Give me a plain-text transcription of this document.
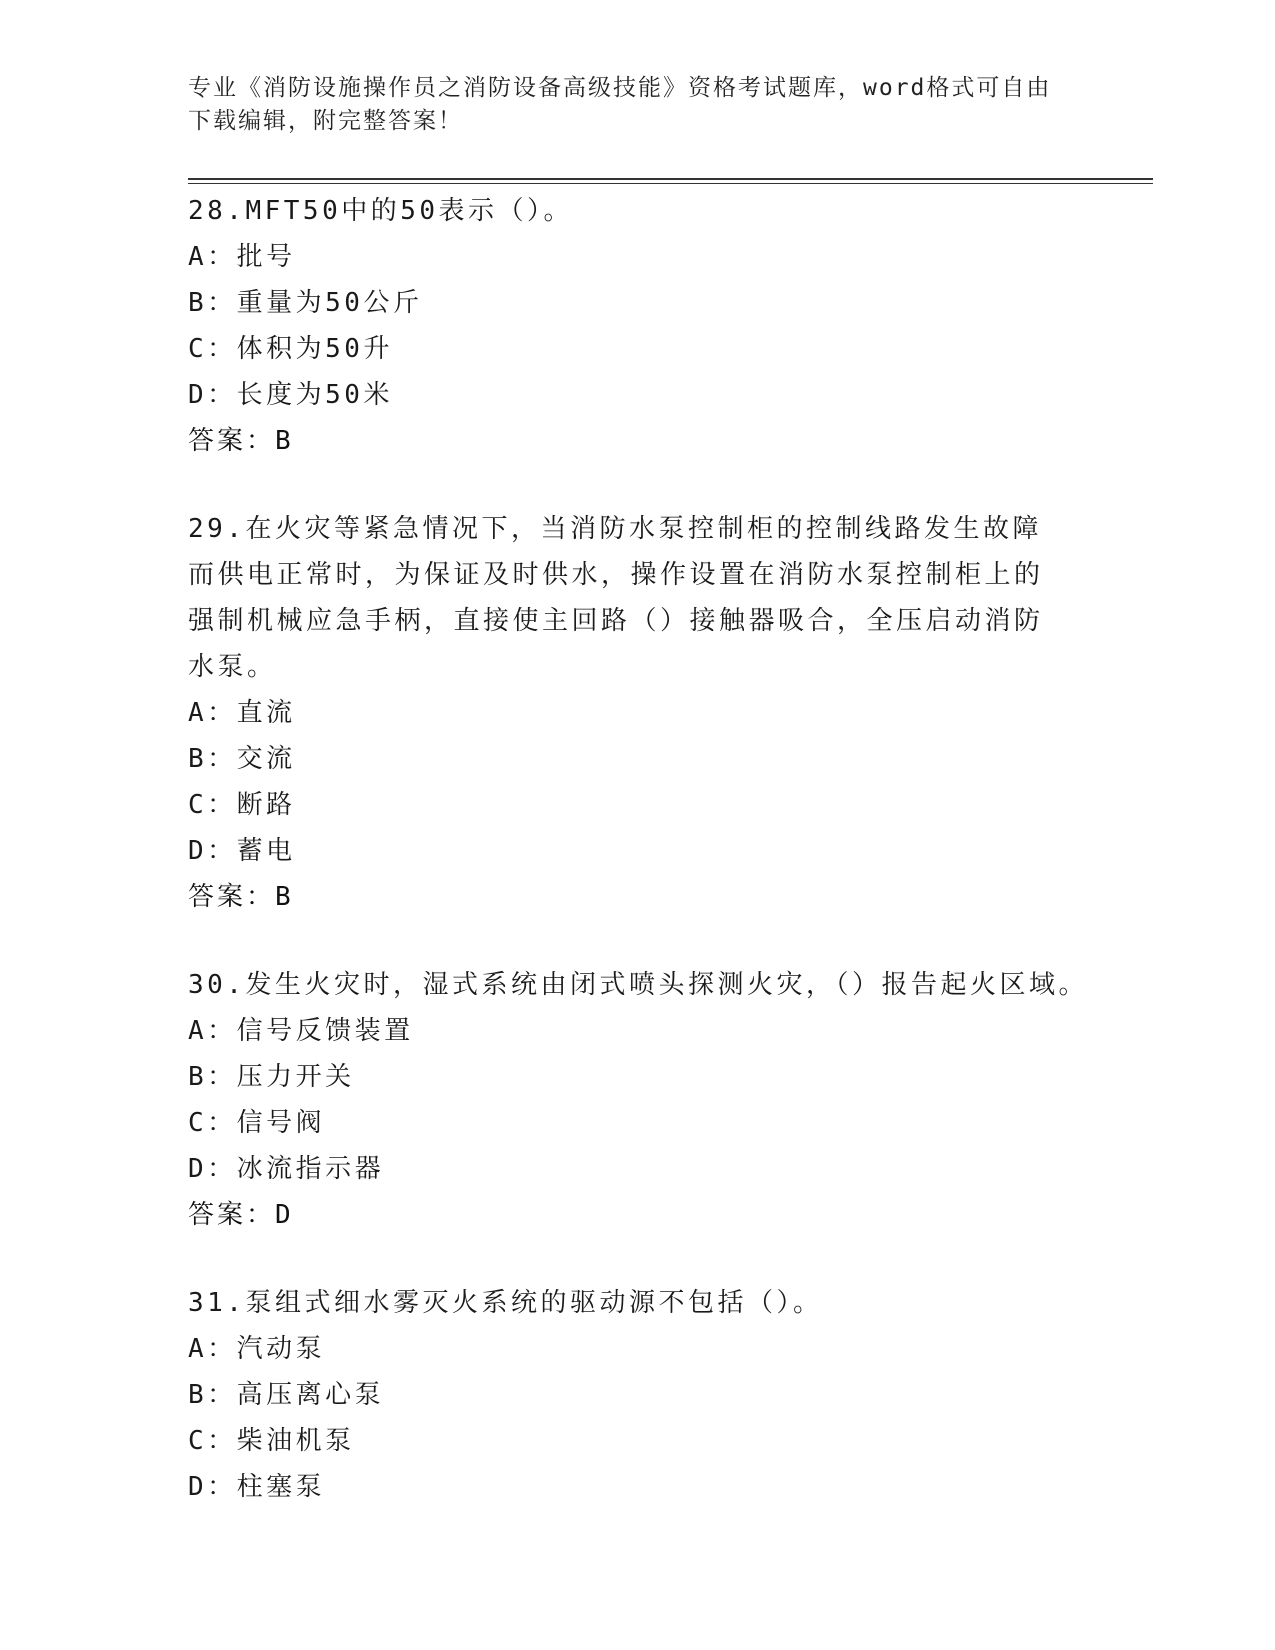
专业《消防设施操作员之消防设备高级技能》资格考试题库，word格式可自由下载编辑，附完整答案！
28.MFT50中的50表示（）。
A：批号
B：重量为50公斤
C：体积为50升
D：长度为50米
答案：B
29.在火灾等紧急情况下，当消防水泵控制柜的控制线路发生故障而供电正常时，为保证及时供水，操作设置在消防水泵控制柜上的强制机械应急手柄，直接使主回路（）接触器吸合，全压启动消防水泵。
A：直流
B：交流
C：断路
D：蓄电
答案：B
30.发生火灾时，湿式系统由闭式喷头探测火灾，（）报告起火区域。
A：信号反馈装置
B：压力开关
C：信号阀
D：冰流指示器
答案：D
31.泵组式细水雾灭火系统的驱动源不包括（）。
A：汽动泵
B：高压离心泵
C：柴油机泵
D：柱塞泵
